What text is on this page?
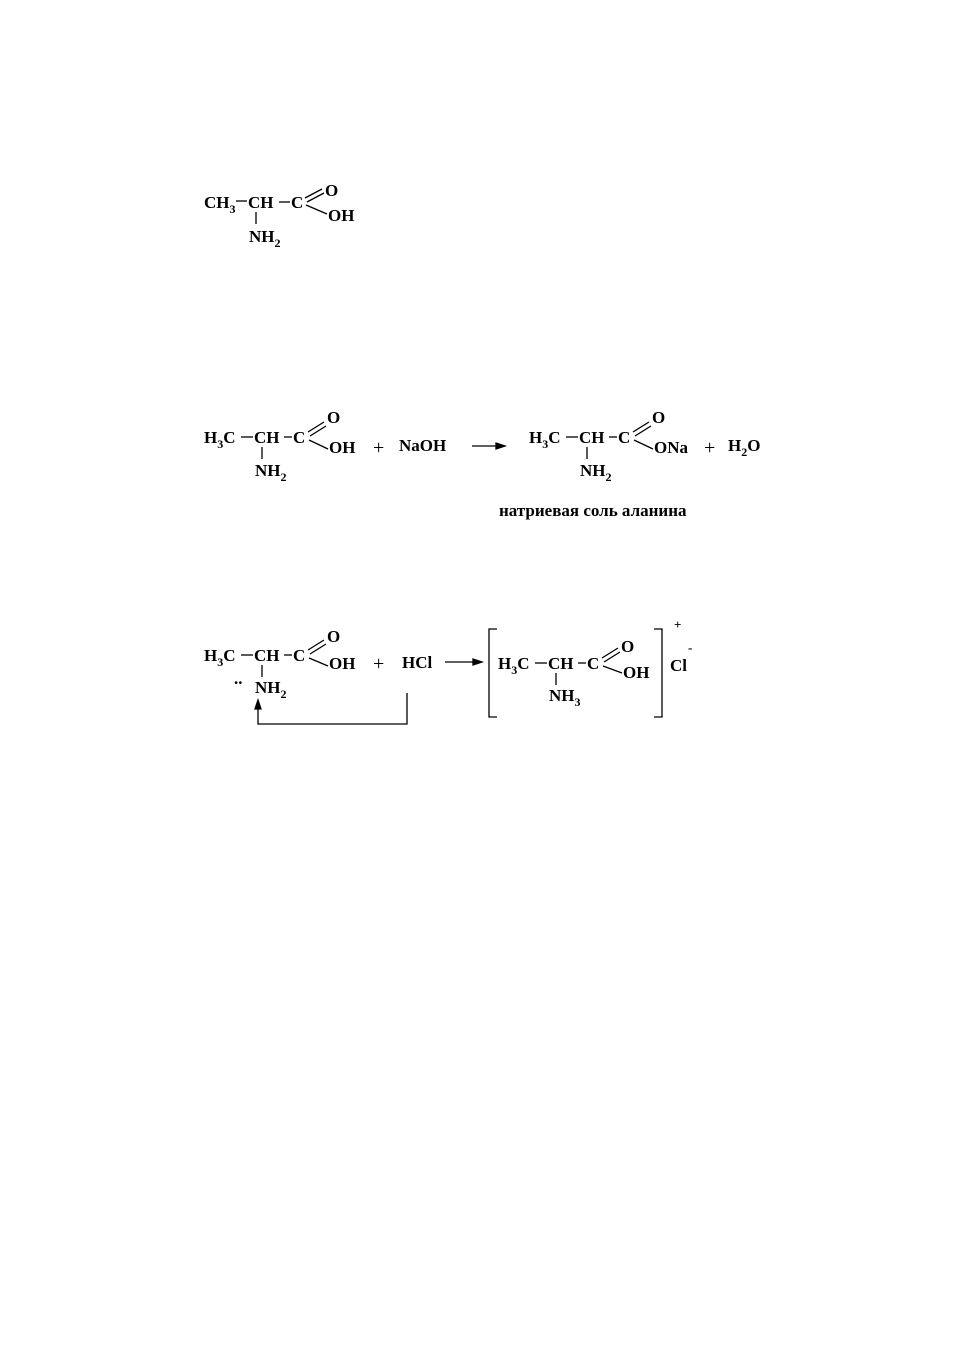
$CH_3$ CH C
O
OH
$NH_2$
$H_3C$ CH C
O
OH
$NH_2$
+ NaOH	$H_3C$ CH C
O
ONa
$NH_2$
+ $H_2O$
натриевая соль аланина
$H_3C$ CH C
O
OH
.. $NH_2$
+ HCl	$H_3C$ CH C
O
OH
$NH_3$
+
Cl
-
